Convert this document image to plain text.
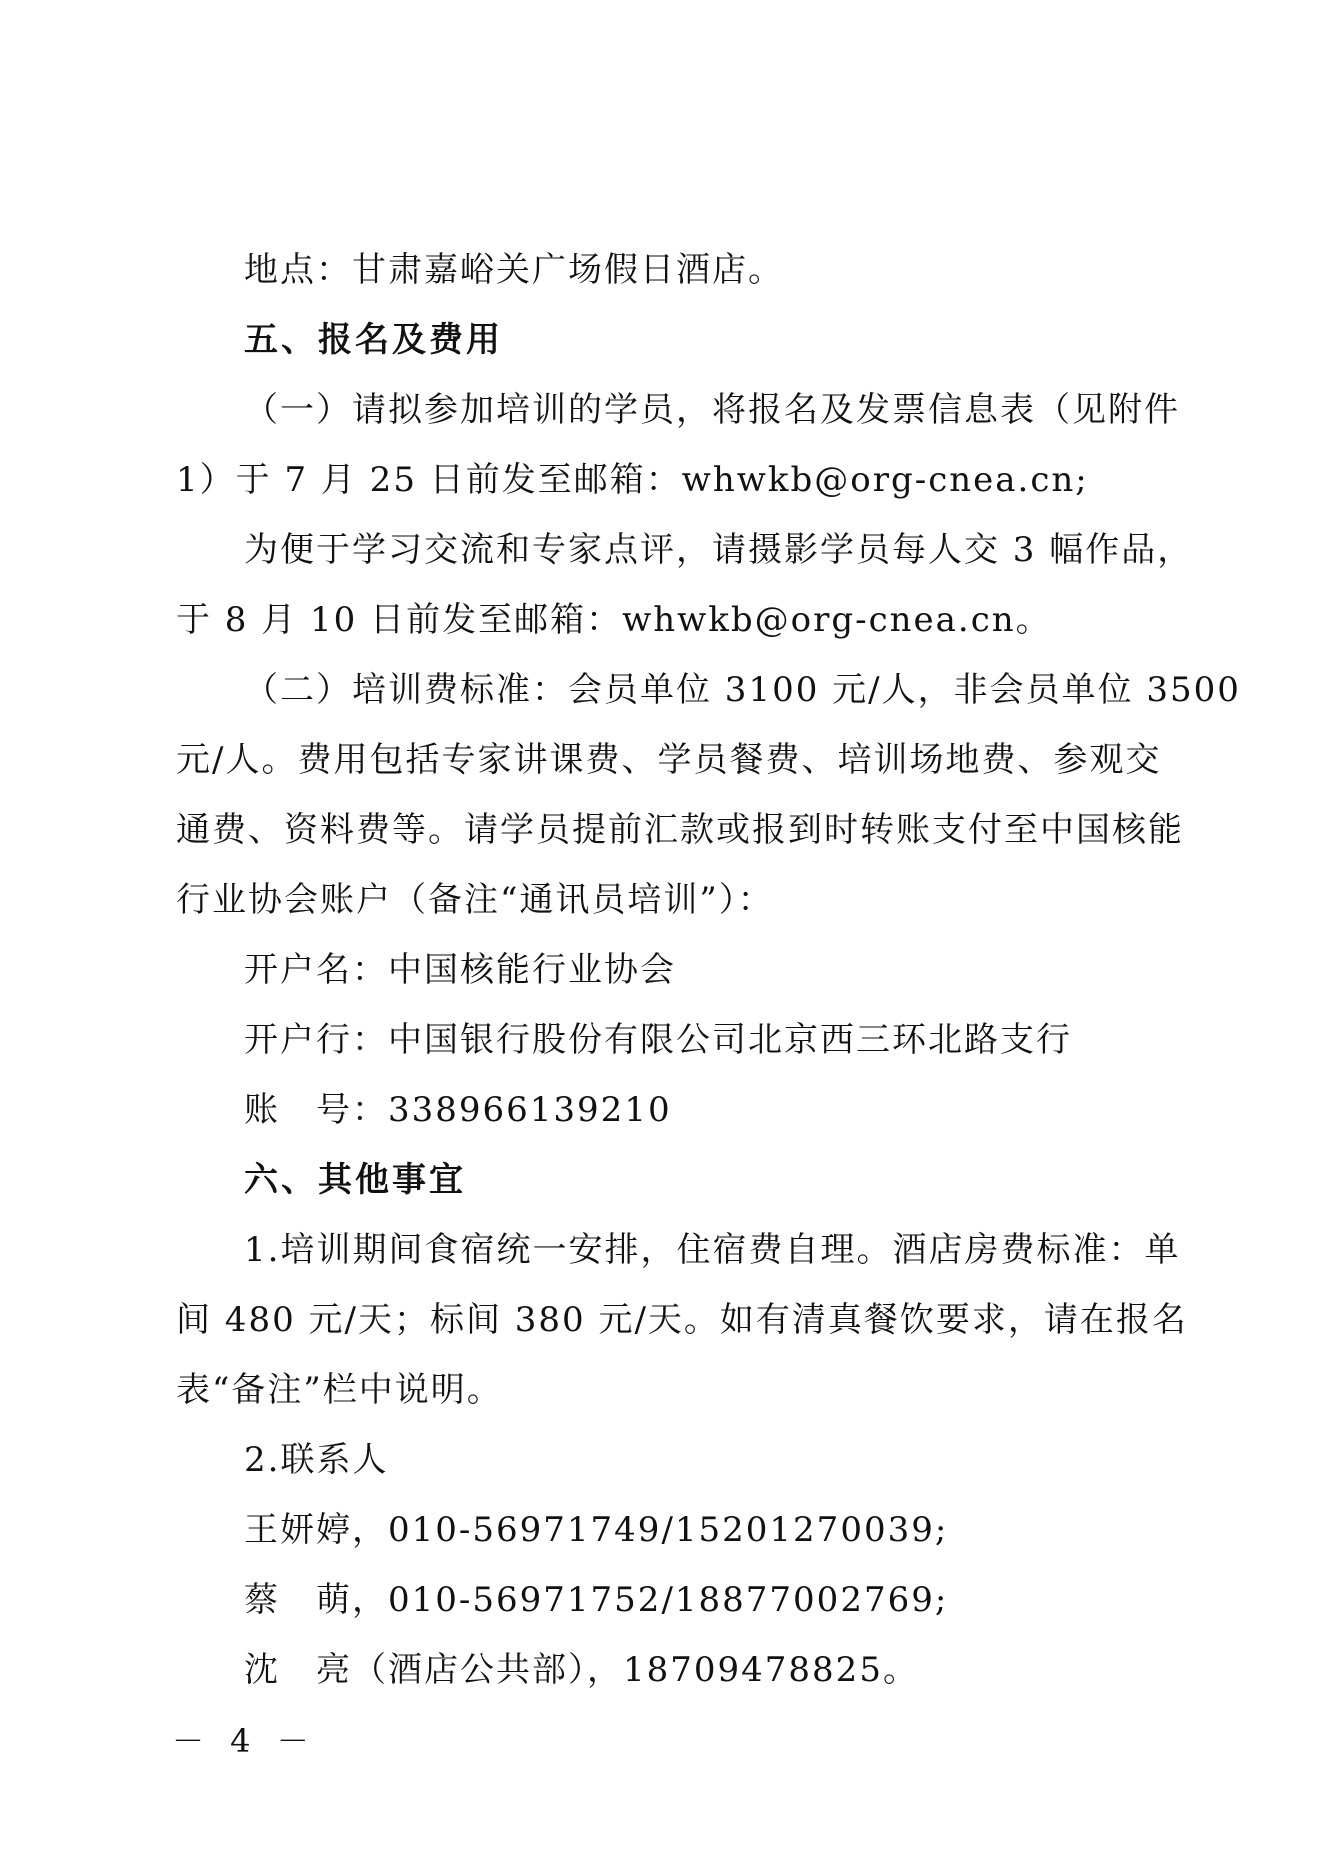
地点：甘肃嘉峪关广场假日酒店。
五、报名及费用
（一）请拟参加培训的学员，将报名及发票信息表（见附件
1）于 7 月 25 日前发至邮箱：whwkb@org-cnea.cn;
为便于学习交流和专家点评，请摄影学员每人交 3 幅作品，
于 8 月 10 日前发至邮箱：whwkb@org-cnea.cn。
（二）培训费标准：会员单位 3100 元/人，非会员单位 3500
元/人。费用包括专家讲课费、学员餐费、培训场地费、参观交
通费、资料费等。请学员提前汇款或报到时转账支付至中国核能
行业协会账户（备注“通讯员培训”）：
开户名：中国核能行业协会
开户行：中国银行股份有限公司北京西三环北路支行
账　号：338966139210
六、其他事宜
1.培训期间食宿统一安排，住宿费自理。酒店房费标准：单
间 480 元/天；标间 380 元/天。如有清真餐饮要求，请在报名
表“备注”栏中说明。
2.联系人
王妍婷，010-56971749/15201270039;
蔡　萌，010-56971752/18877002769;
沈　亮（酒店公共部），18709478825。
－ 4 －
